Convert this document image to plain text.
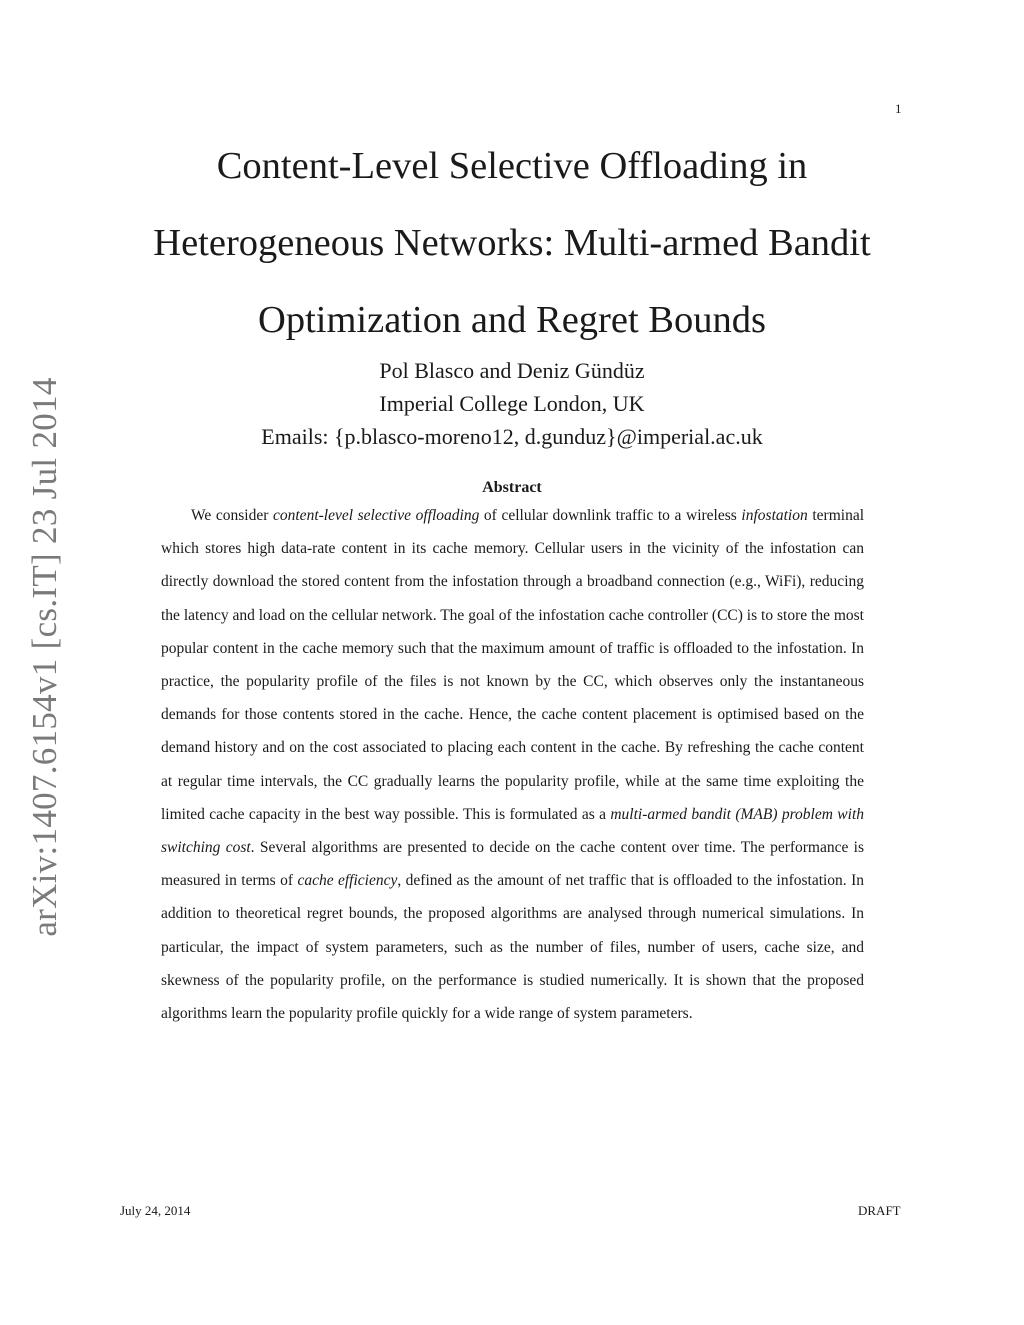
1
arXiv:1407.6154v1 [cs.IT] 23 Jul 2014
Content-Level Selective Offloading in
Heterogeneous Networks: Multi-armed Bandit
Optimization and Regret Bounds
Pol Blasco and Deniz Gündüz
Imperial College London, UK
Emails: {p.blasco-moreno12, d.gunduz}@imperial.ac.uk
Abstract

We consider content-level selective offloading of cellular downlink traffic to a wireless infostation terminal which stores high data-rate content in its cache memory. Cellular users in the vicinity of the infostation can directly download the stored content from the infostation through a broadband connection (e.g., WiFi), reducing the latency and load on the cellular network. The goal of the infostation cache controller (CC) is to store the most popular content in the cache memory such that the maximum amount of traffic is offloaded to the infostation. In practice, the popularity profile of the files is not known by the CC, which observes only the instantaneous demands for those contents stored in the cache. Hence, the cache content placement is optimised based on the demand history and on the cost associated to placing each content in the cache. By refreshing the cache content at regular time intervals, the CC gradually learns the popularity profile, while at the same time exploiting the limited cache capacity in the best way possible. This is formulated as a multi-armed bandit (MAB) problem with switching cost. Several algorithms are presented to decide on the cache content over time. The performance is measured in terms of cache efficiency, defined as the amount of net traffic that is offloaded to the infostation. In addition to theoretical regret bounds, the proposed algorithms are analysed through numerical simulations. In particular, the impact of system parameters, such as the number of files, number of users, cache size, and skewness of the popularity profile, on the performance is studied numerically. It is shown that the proposed algorithms learn the popularity profile quickly for a wide range of system parameters.

July 24, 2014	DRAFT
